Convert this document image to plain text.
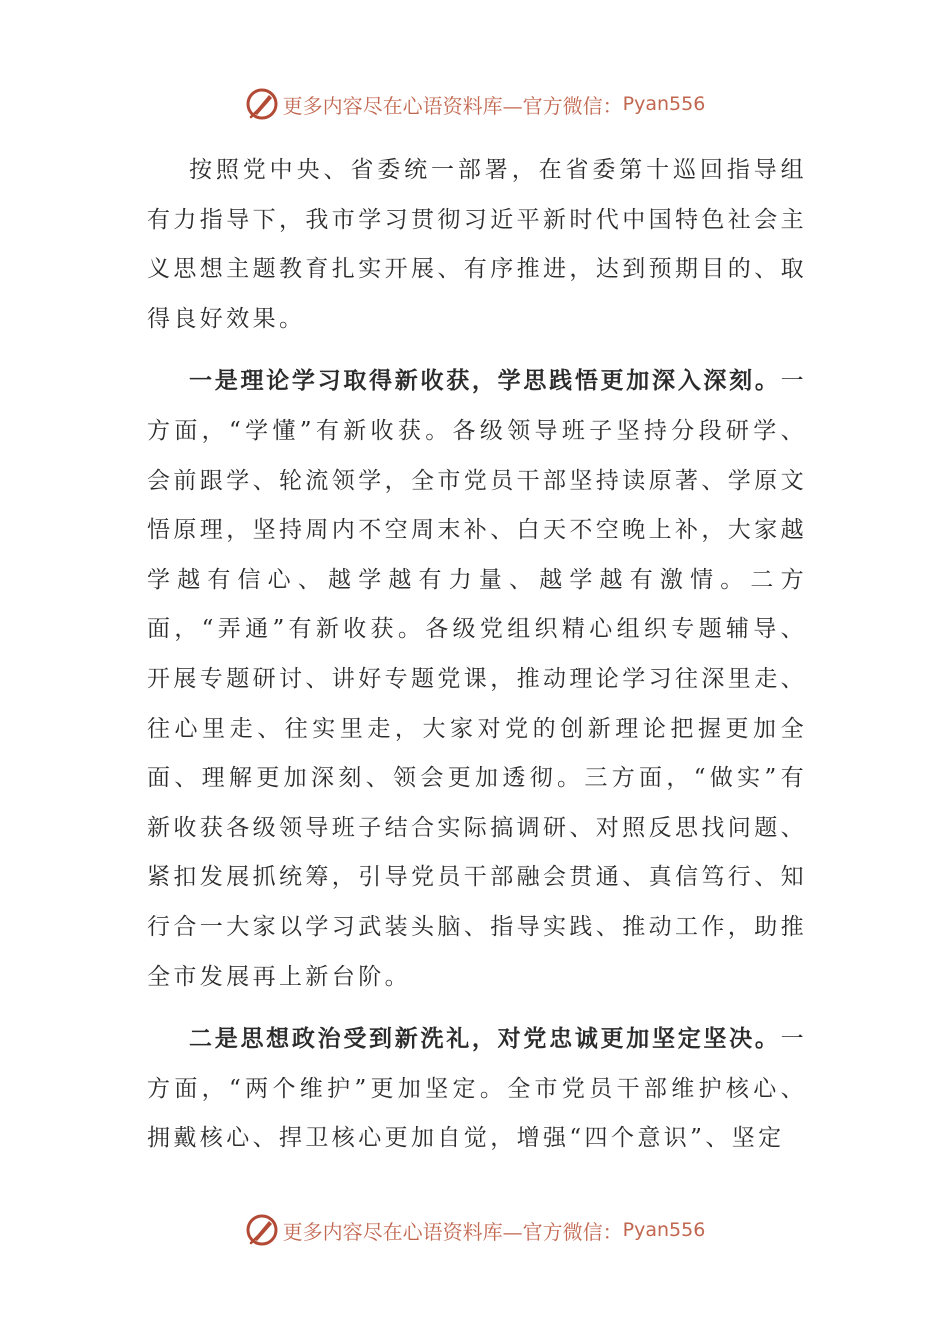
更多内容尽在心语资料库—官方微信： Pyan556

按照党中央、省委统一部署，在省委第十巡回指导组有力指导下，我市学习贯彻习近平新时代中国特色社会主义思想主题教育扎实开展、有序推进，达到预期目的、取得良好效果。

一是理论学习取得新收获，学思践悟更加深入深刻。一方面，“学懂”有新收获。各级领导班子坚持分段研学、会前跟学、轮流领学，全市党员干部坚持读原著、学原文悟原理，坚持周内不空周末补、白天不空晚上补，大家越学越有信心、越学越有力量、越学越有激情。二方面，“弄通”有新收获。各级党组织精心组织专题辅导、开展专题研讨、讲好专题党课，推动理论学习往深里走、往心里走、往实里走，大家对党的创新理论把握更加全面、理解更加深刻、领会更加透彻。三方面，“做实”有新收获各级领导班子结合实际搞调研、对照反思找问题、紧扣发展抓统筹，引导党员干部融会贯通、真信笃行、知行合一大家以学习武装头脑、指导实践、推动工作，助推全市发展再上新台阶。

二是思想政治受到新洗礼，对党忠诚更加坚定坚决。一方面，“两个维护”更加坚定。全市党员干部维护核心、拥戴核心、捍卫核心更加自觉，增强“四个意识”、坚定

更多内容尽在心语资料库—官方微信： Pyan556
